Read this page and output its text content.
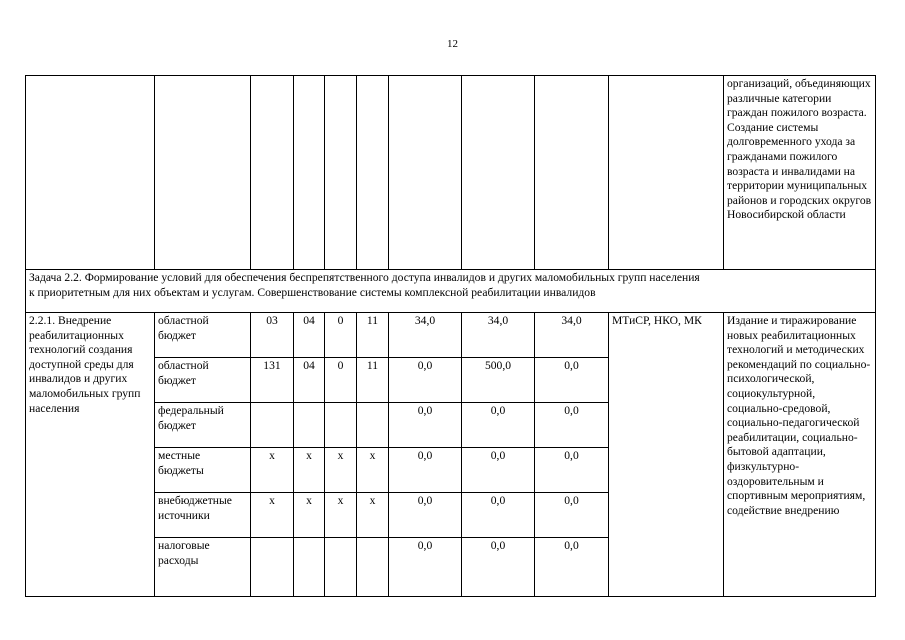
12
										организаций, объединяющих различные категории граждан пожилого возраста. Создание системы долговременного ухода за гражданами пожилого возраста и инвалидами на территории муниципальных районов и городских округов Новосибирской области

Задача 2.2. Формирование условий для обеспечения беспрепятственного доступа инвалидов и других маломобильных групп населения
к приоритетным для них объектам и услугам. Совершенствование системы комплексной реабилитации инвалидов										

2.2.1. Внедрение реабилитационных технологий создания доступной среды для инвалидов и других маломобильных групп населения	областной бюджет	03	04	0	11	34,0	34,0	34,0	МТиСР, НКО, МК	Издание и тиражирование новых реабилитационных технологий и методических рекомендаций по социально-психологической, социокультурной, социально-средовой, социально-педагогической реабилитации, социально-бытовой адаптации, физкультурно-оздоровительным и спортивным мероприятиям, содействие внедрению
	областной бюджет	131	04	0	11	0,0	500,0	0,0		
	федеральный бюджет					0,0	0,0	0,0		
	местные бюджеты	x	x	x	x	0,0	0,0	0,0		
	внебюджетные источники	x	x	x	x	0,0	0,0	0,0		
	налоговые расходы					0,0	0,0	0,0		
